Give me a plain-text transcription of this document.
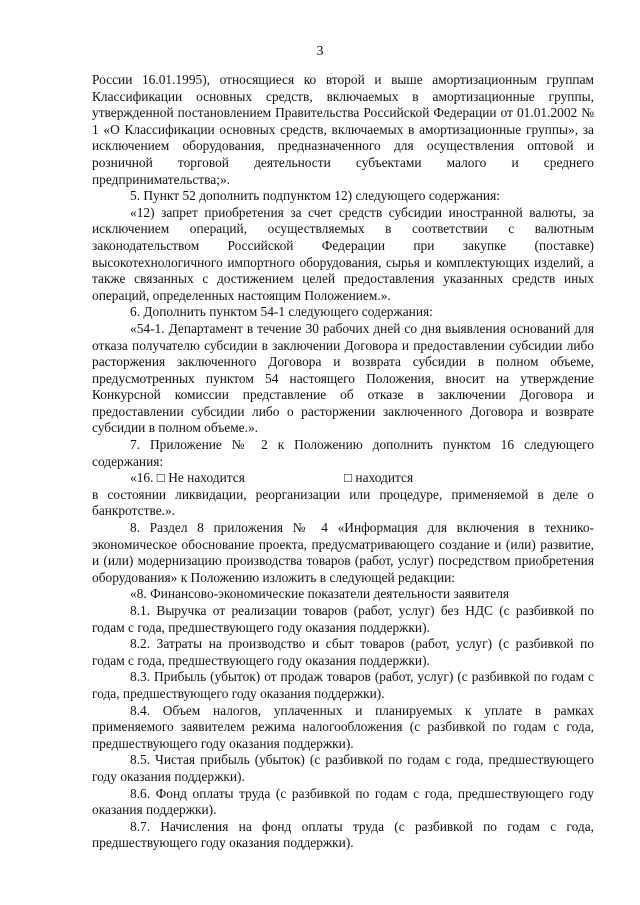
3

России 16.01.1995), относящиеся ко второй и выше амортизационным группам Классификации основных средств, включаемых в амортизационные группы, утвержденной постановлением Правительства Российской Федерации от 01.01.2002 № 1 «О Классификации основных средств, включаемых в амортизационные группы», за исключением оборудования, предназначенного для осуществления оптовой и розничной торговой деятельности субъектами малого и среднего предпринимательства;».

5. Пункт 52 дополнить подпунктом 12) следующего содержания:

«12) запрет приобретения за счет средств субсидии иностранной валюты, за исключением операций, осуществляемых в соответствии с валютным законодательством Российской Федерации при закупке (поставке) высокотехнологичного импортного оборудования, сырья и комплектующих изделий, а также связанных с достижением целей предоставления указанных средств иных операций, определенных настоящим Положением.».

6. Дополнить пунктом 54-1 следующего содержания:

«54-1. Департамент в течение 30 рабочих дней со дня выявления оснований для отказа получателю субсидии в заключении Договора и предоставлении субсидии либо расторжения заключенного Договора и возврата субсидии в полном объеме, предусмотренных пунктом 54 настоящего Положения, вносит на утверждение Конкурсной комиссии представление об отказе в заключении Договора и предоставлении субсидии либо о расторжении заключенного Договора и возврате субсидии в полном объеме.».

7. Приложение № 2 к Положению дополнить пунктом 16 следующего содержания:

«16. □ Не находится	□ находится

в состоянии ликвидации, реорганизации или процедуре, применяемой в деле о банкротстве.».

8. Раздел 8 приложения № 4 «Информация для включения в технико-экономическое обоснование проекта, предусматривающего создание и (или) развитие, и (или) модернизацию производства товаров (работ, услуг) посредством приобретения оборудования» к Положению изложить в следующей редакции:

«8. Финансово-экономические показатели деятельности заявителя

8.1. Выручка от реализации товаров (работ, услуг) без НДС (с разбивкой по годам с года, предшествующего году оказания поддержки).

8.2. Затраты на производство и сбыт товаров (работ, услуг) (с разбивкой по годам с года, предшествующего году оказания поддержки).

8.3. Прибыль (убыток) от продаж товаров (работ, услуг) (с разбивкой по годам с года, предшествующего году оказания поддержки).

8.4. Объем налогов, уплаченных и планируемых к уплате в рамках применяемого заявителем режима налогообложения (с разбивкой по годам с года, предшествующего году оказания поддержки).

8.5. Чистая прибыль (убыток) (с разбивкой по годам с года, предшествующего году оказания поддержки).

8.6. Фонд оплаты труда (с разбивкой по годам с года, предшествующего году оказания поддержки).

8.7. Начисления на фонд оплаты труда (с разбивкой по годам с года, предшествующего году оказания поддержки).
